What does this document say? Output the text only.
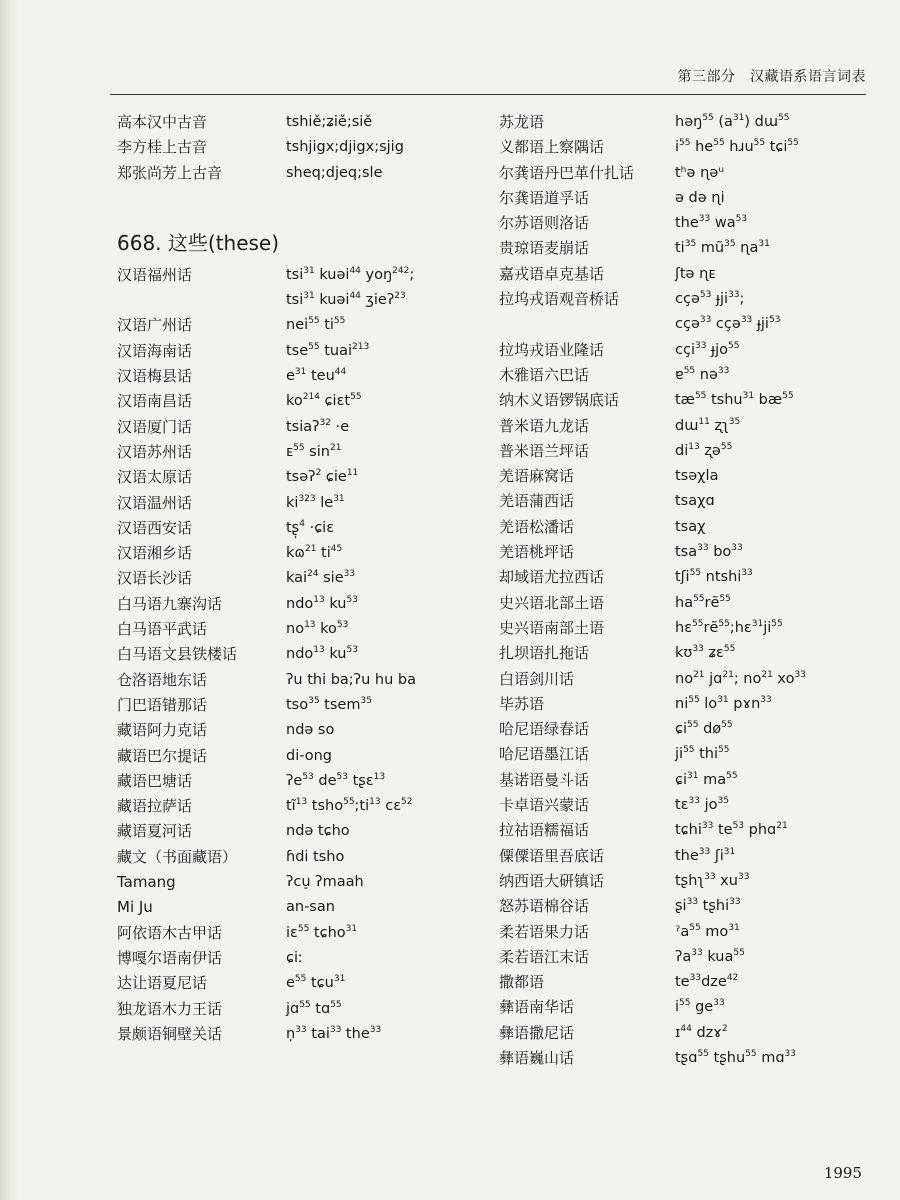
第三部分　汉藏语系语言词表
高本汉中古音	tshiě;ʑiě;siě
李方桂上古音	tshjigx;djigx;sjig
郑张尚芳上古音	sheq;djeq;sle
668. 这些(these)
汉语福州话	tsi$^{31}$ kuəi$^{44}$ yoŋ$^{242}$;
tsi$^{31}$ kuəi$^{44}$ ʒieʔ$^{23}$
汉语广州话	nei$^{55}$ $ti^{55}$
汉语海南话	tse$^{55}$ tuai$^{213}$
汉语梅县话	$e^{31}$ teu$^{44}$
汉语南昌话	$ko^{214}$ ɕiɛt$^{55}$
汉语厦门话	tsiaʔ$^{32}$ ·e
汉语苏州话	ᴇ$^{55}$ $\sin^{21}$
汉语太原话	tsəʔ$^2$ ɕie$^{11}$
汉语温州话	$ki^{323}$ $le^{31}$
汉语西安话	tʂ̩$^4$ ·ɕiɛ
汉语湘乡话	kɷ$^{21}$ $ti^{45}$
汉语长沙话	kai$^{24}$ sie$^{33}$
白马语九寨沟话	ndo$^{13}$ $ku^{53}$
白马语平武话	$no^{13}$ $ko^{53}$
白马语文县铁楼话	ndo$^{13}$ $ku^{53}$
仓洛语地东话	ʔu thi ba;ʔu hu ba
门巴语错那话	tso$^{35}$ tsem$^{35}$
藏语阿力克话	ndə so
藏语巴尔提话	di-ong
藏语巴塘话	ʔe$^{53}$ $de^{53}$ tʂɛ$^{13}$
藏语拉萨话	$tĩ^{13}$ $tsho^{55};ti^{13}$ cɛ$^{52}$
藏语夏河话	ndə tɕho
藏文（书面藏语）	ɦdi tsho
Tamang	ʔcu̠ ʔmaah
Mi Ju	an-san
阿依语木古甲话	iɛ$^{55}$ tɕho$^{31}$
博嘎尔语南伊话	ɕiː
达让语夏尼话	$e^{55}$ tɕu$^{31}$
独龙语木力王话	jɑ$^{55}$ tɑ$^{55}$
景颇语铜壁关话	n̩$^{33}$ tai$^{33}$ the$^{33}$
苏龙语	həŋ$^{55}$ $(a^{31})$ dɯ$^{55}$
义都语上察隅话	$i^{55}$ $he^{55}$ hɹu$^{55}$ tɕi$^{55}$
尔龚语丹巴革什扎话	tʰə ɳəᵘ
尔龚语道孚话	ə də ɳi
尔苏语则洛话	the$^{33}$ $wa^{53}$
贵琼语麦崩话	$ti^{35}$ $mũ^{35}$ ɳa$^{31}$
嘉戎语卓克基话	ʃtə ɳᴇ
拉坞戎语观音桥话	cçə$^{53}$ ɟji$^{33}$;
cçə$^{33}$ cçə$^{33}$ ɟji$^{53}$
拉坞戎语业隆话	cçi$^{33}$ ɟjo$^{55}$
木雅语六巴话	ɐ$^{55}$ nə$^{33}$
纳木义语锣锅底话	$tæ^{55}$ tshu$^{31}$ $bæ^{55}$
普米语九龙话	dɯ$^{11}$ ʐʅ$^{35}$
普米语兰坪话	$di^{13}$ ʐə$^{55}$
羌语麻窝话	tsəχla
羌语蒲西话	tsaχɑ
羌语松潘话	tsaχ
羌语桃坪话	tsa$^{33}$ $bo^{33}$
却域语尤拉西话	tʃi$^{55}$ ntshi$^{33}$
史兴语北部土语	$ha^{55}rẽ^{55}$
史兴语南部土语	$hɛ^{55}rẽ^{55};hɛ^{31}ji^{55}$
扎坝语扎拖话	kʊ$^{33}$ ʑɛ$^{55}$
白语剑川话	$no^{21}$ jɑ$^{21}$; $no^{21}$ $xo^{33}$
毕苏语	$ni^{55}$ $lo^{31}$ pɤn$^{33}$
哈尼语绿春话	ɕi$^{55}$ $dø^{55}$
哈尼语墨江话	$ji^{55}$ thi$^{55}$
基诺语曼斗话	ɕi$^{31}$ $ma^{55}$
卡卓语兴蒙话	tɛ$^{33}$ $jo^{35}$
拉祜语糯福话	tɕhi$^{33}$ $te^{53}$ phɑ$^{21}$
傈僳语里吾底话	the$^{33}$ ʃi$^{31}$
纳西语大研镇话	tʂhʅ$^{33}$ $xu^{33}$
怒苏语棉谷话	ʂi$^{33}$ tʂhi$^{33}$
柔若语果力话	ˀa$^{55}$ $mo^{31}$
柔若语江末话	ʔa$^{33}$ kua$^{55}$
撒都语	$te^{33}dze^{42}$
彝语南华话	$i^{55}$ $ge^{33}$
彝语撒尼话	ɪ$^{44}$ dzɤ$^2$
彝语巍山话	tʂɑ$^{55}$ tʂhu$^{55}$ mɑ$^{33}$
1995
